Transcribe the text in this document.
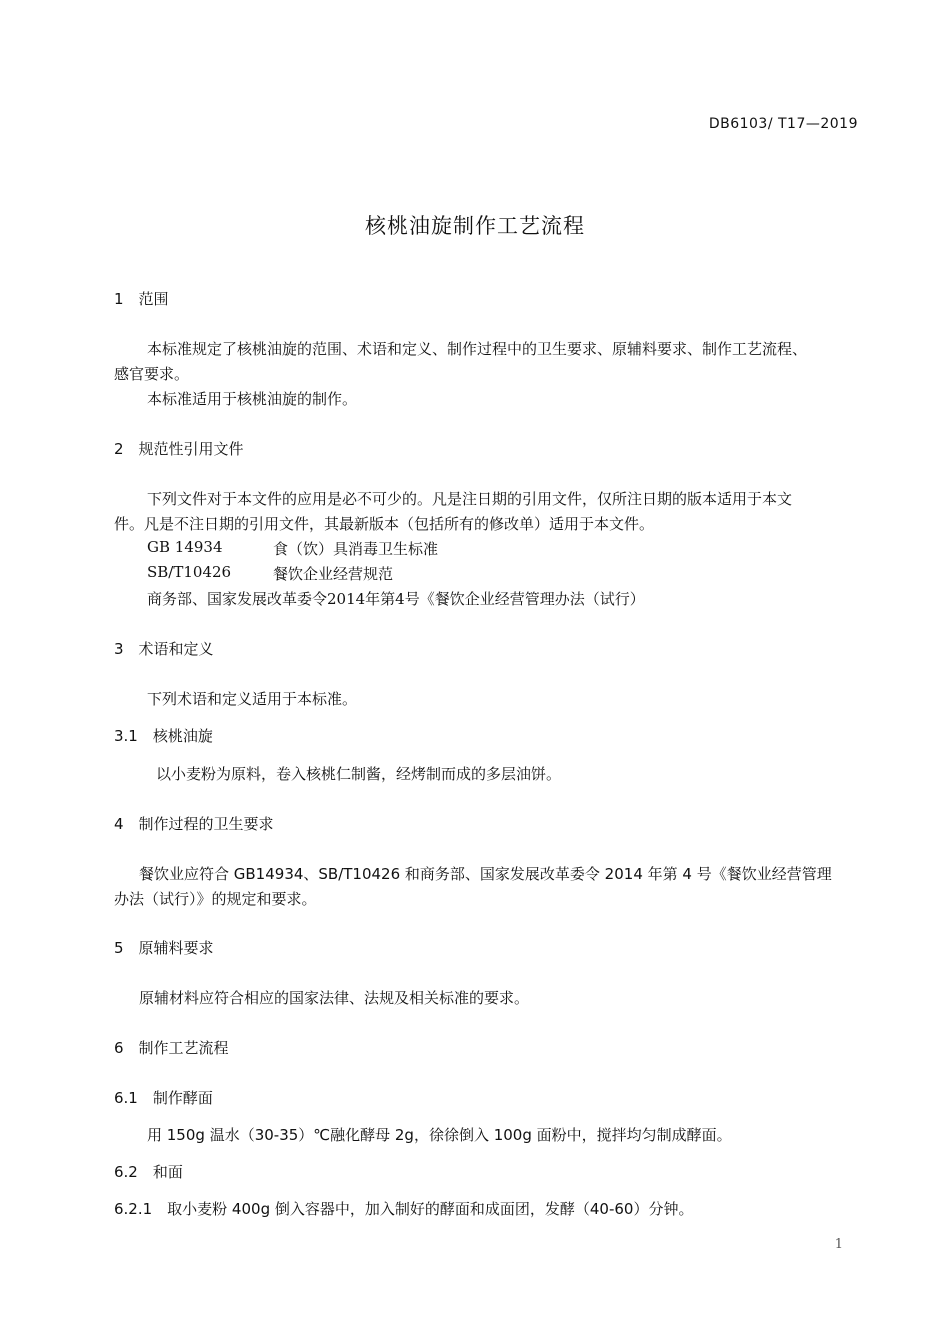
DB6103/ T17—2019
核桃油旋制作工艺流程
1　范围
本标准规定了核桃油旋的范围、术语和定义、制作过程中的卫生要求、原辅料要求、制作工艺流程、
感官要求。
本标准适用于核桃油旋的制作。
2　规范性引用文件
下列文件对于本文件的应用是必不可少的。凡是注日期的引用文件，仅所注日期的版本适用于本文
件。凡是不注日期的引用文件，其最新版本（包括所有的修改单）适用于本文件。
GB 14934	食（饮）具消毒卫生标准
SB/T10426	餐饮企业经营规范
商务部、国家发展改革委令2014年第4号《餐饮企业经营管理办法（试行）
3　术语和定义
下列术语和定义适用于本标准。
3.1　核桃油旋
以小麦粉为原料，卷入核桃仁制酱，经烤制而成的多层油饼。
4　制作过程的卫生要求
餐饮业应符合 GB14934、SB/T10426 和商务部、国家发展改革委令 2014 年第 4 号《餐饮业经营管理
办法（试行）》的规定和要求。
5　原辅料要求
原辅材料应符合相应的国家法律、法规及相关标准的要求。
6　制作工艺流程
6.1　制作酵面
用 150g 温水（30-35）℃融化酵母 2g，徐徐倒入 100g 面粉中，搅拌均匀制成酵面。
6.2　和面
6.2.1　取小麦粉 400g 倒入容器中，加入制好的酵面和成面团，发酵（40-60）分钟。
1
